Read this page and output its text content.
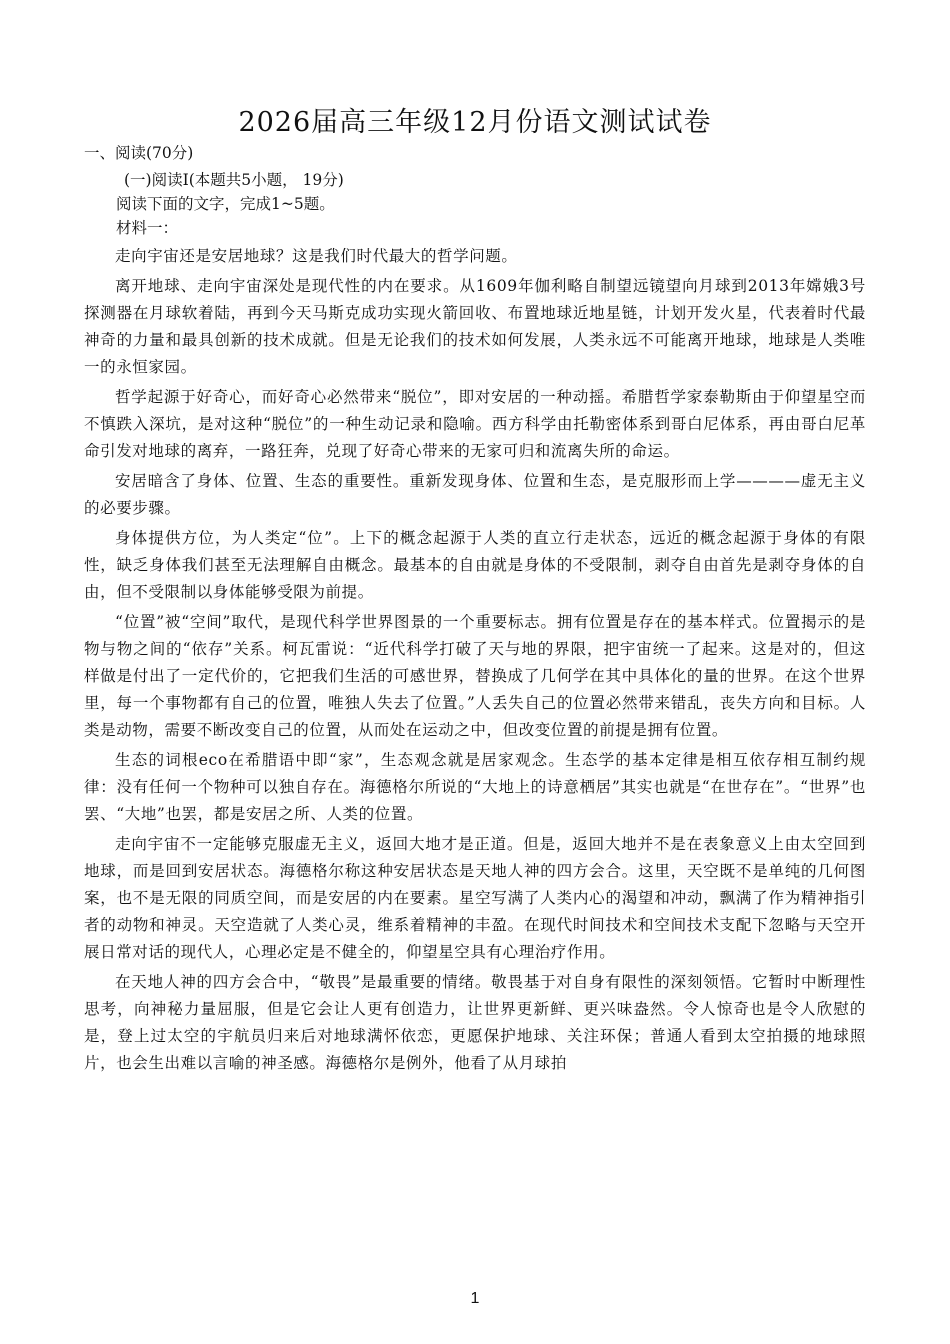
2026届高三年级12月份语文测试试卷
一、阅读(70分)
(一)阅读I(本题共5小题， 19分)
阅读下面的文字，完成1~5题。
材料一：

走向宇宙还是安居地球？这是我们时代最大的哲学问题。

离开地球、走向宇宙深处是现代性的内在要求。从1609年伽利略自制望远镜望向月球到2013年嫦娥3号探测器在月球软着陆，再到今天马斯克成功实现火箭回收、布置地球近地星链，计划开发火星，代表着时代最神奇的力量和最具创新的技术成就。但是无论我们的技术如何发展，人类永远不可能离开地球，地球是人类唯一的永恒家园。

哲学起源于好奇心，而好奇心必然带来“脱位”，即对安居的一种动摇。希腊哲学家泰勒斯由于仰望星空而不慎跌入深坑，是对这种“脱位”的一种生动记录和隐喻。西方科学由托勒密体系到哥白尼体系，再由哥白尼革命引发对地球的离弃，一路狂奔，兑现了好奇心带来的无家可归和流离失所的命运。

安居暗含了身体、位置、生态的重要性。重新发现身体、位置和生态，是克服形而上学————虚无主义的必要步骤。

身体提供方位，为人类定“位”。上下的概念起源于人类的直立行走状态，远近的概念起源于身体的有限性，缺乏身体我们甚至无法理解自由概念。最基本的自由就是身体的不受限制，剥夺自由首先是剥夺身体的自由，但不受限制以身体能够受限为前提。

“位置”被“空间”取代，是现代科学世界图景的一个重要标志。拥有位置是存在的基本样式。位置揭示的是物与物之间的“依存”关系。柯瓦雷说：“近代科学打破了天与地的界限，把宇宙统一了起来。这是对的，但这样做是付出了一定代价的，它把我们生活的可感世界，替换成了几何学在其中具体化的量的世界。在这个世界里，每一个事物都有自己的位置，唯独人失去了位置。”人丢失自己的位置必然带来错乱，丧失方向和目标。人类是动物，需要不断改变自己的位置，从而处在运动之中，但改变位置的前提是拥有位置。

生态的词根eco在希腊语中即“家”，生态观念就是居家观念。生态学的基本定律是相互依存相互制约规律：没有任何一个物种可以独自存在。海德格尔所说的“大地上的诗意栖居”其实也就是“在世存在”。“世界”也罢、“大地”也罢，都是安居之所、人类的位置。

走向宇宙不一定能够克服虚无主义，返回大地才是正道。但是，返回大地并不是在表象意义上由太空回到地球，而是回到安居状态。海德格尔称这种安居状态是天地人神的四方会合。这里，天空既不是单纯的几何图案，也不是无限的同质空间，而是安居的内在要素。星空写满了人类内心的渴望和冲动，飘满了作为精神指引者的动物和神灵。天空造就了人类心灵，维系着精神的丰盈。在现代时间技术和空间技术支配下忽略与天空开展日常对话的现代人，心理必定是不健全的，仰望星空具有心理治疗作用。

在天地人神的四方会合中，“敬畏”是最重要的情绪。敬畏基于对自身有限性的深刻领悟。它暂时中断理性思考，向神秘力量屈服，但是它会让人更有创造力，让世界更新鲜、更兴味盎然。令人惊奇也是令人欣慰的是，登上过太空的宇航员归来后对地球满怀依恋，更愿保护地球、关注环保；普通人看到太空拍摄的地球照片，也会生出难以言喻的神圣感。海德格尔是例外，他看了从月球拍

1
